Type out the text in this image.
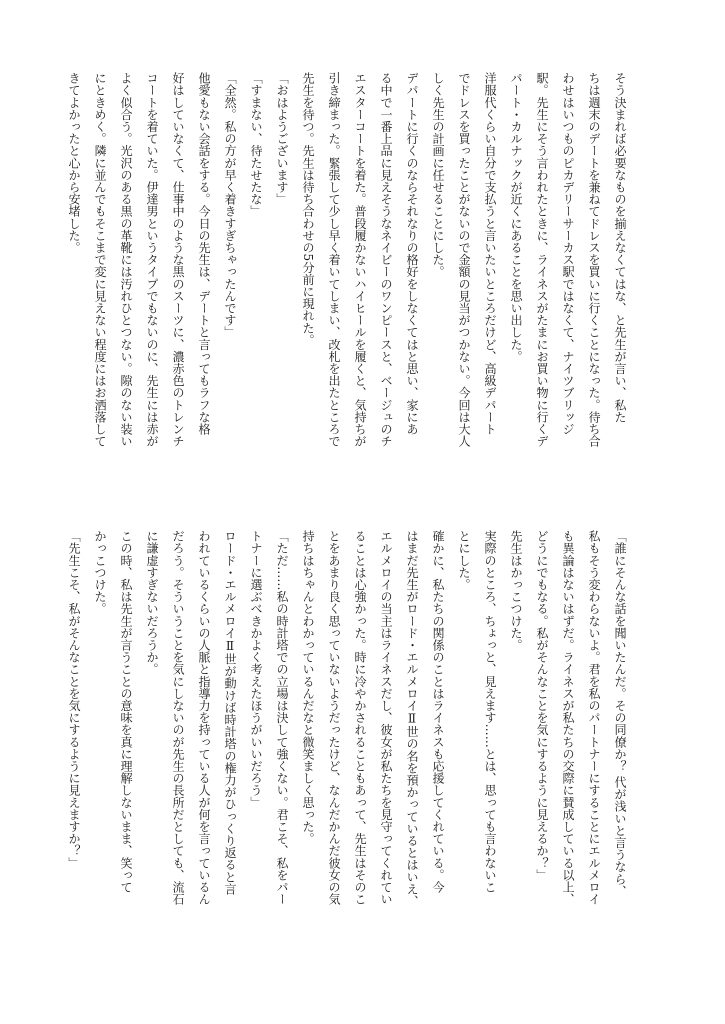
そう決まれば必要なものを揃えなくてはな、と先生が言い、私た
ちは週末のデートを兼ねてドレスを買いに行くことになった。待ち合
わせはいつものピカデリーサーカス駅ではなくて、ナイツブリッジ
駅。先生にそう言われたときに、ライネスがたまにお買い物に行くデ
パート・カルナックが近くにあることを思い出した。
洋服代くらい自分で支払うと言いたいところだけど、高級デパート
でドレスを買ったことがないので金額の見当がつかない。今回は大人
しく先生の計画に任せることにした。
デパートに行くのならそれなりの格好をしなくてはと思い、家にあ
る中で一番上品に見えそうなネイビーのワンピースと、ベージュのチ
エスターコートを着た。普段履かないハイヒールを履くと、気持ちが
引き締まった。緊張して少し早く着いてしまい、改札を出たところで
先生を待つ。先生は待ち合わせの5分前に現れた。
「おはようございます」
「すまない、待たせたな」
「全然。私の方が早く着きすぎちゃったんです」
他愛もない会話をする。今日の先生は、デートと言ってもラフな格
好はしていなくて、仕事中のような黒のスーツに、濃赤色のトレンチ
コートを着ていた。伊達男というタイプでもないのに、先生には赤が
よく似合う。光沢のある黒の革靴には汚れひとつない。隙のない装い
にときめく。隣に並んでもそこまで変に見えない程度にはお洒落して
きてよかったと心から安堵した。
「誰にそんな話を聞いたんだ。その同僚か？ 代が浅いと言うなら、
私もそう変わらないよ。君を私のパートナーにすることにエルメロイ
も異論はないはずだ。ライネスが私たちの交際に賛成している以上、
どうにでもなる。私がそんなことを気にするように見えるか？」
先生はかっこつけた。
実際のところ、ちょっと、見えます……とは、思っても言わないこ
とにした。
確かに、私たちの関係のことはライネスも応援してくれている。今
はまだ先生がロード・エルメロイⅡ世の名を預かっているとはいえ、
エルメロイの当主はライネスだし、彼女が私たちを見守ってくれてい
ることは心強かった。時に冷やかされることもあって、先生はそのこ
とをあまり良く思っていないようだったけど、なんだかんだ彼女の気
持ちはちゃんとわかっているんだなと微笑ましく思った。
「ただ……私の時計塔での立場は決して強くない。君こそ、私をパー
トナーに選ぶべきかよく考えたほうがいいだろう」
ロード・エルメロイⅡ世が動けば時計塔の権力がひっくり返ると言
われているくらいの人脈と指導力を持っている人が何を言っているん
だろう。そういうことを気にしないのが先生の長所だとしても、流石
に謙虚すぎないだろうか。
この時、私は先生が言うことの意味を真に理解しないまま、笑って
かっこつけた。
「先生こそ、私がそんなことを気にするように見えますか？」
